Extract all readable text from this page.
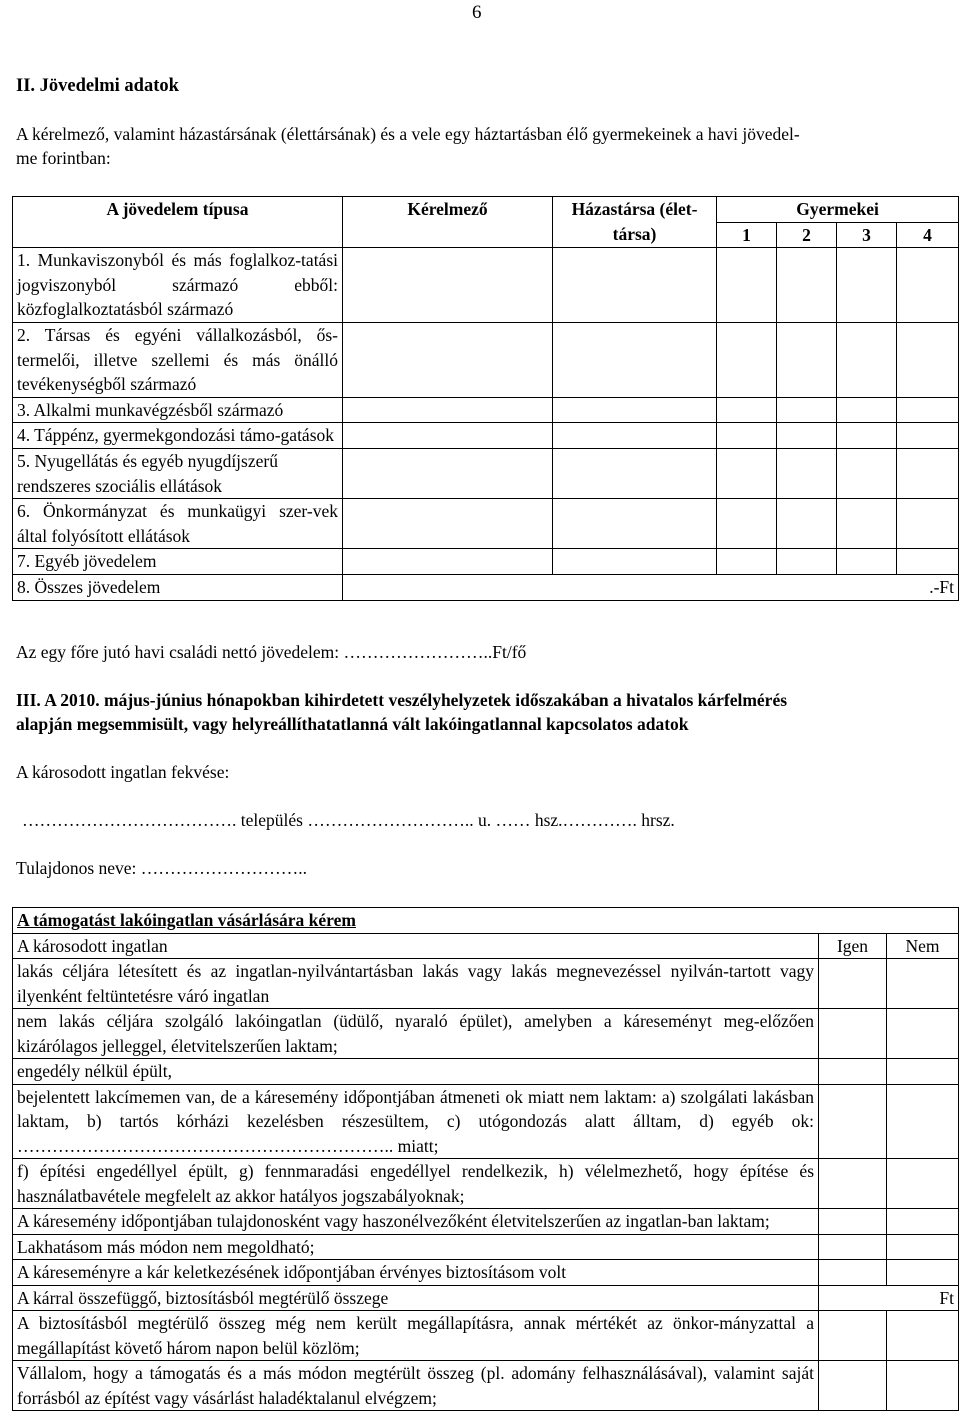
6
II. Jövedelmi adatok
A kérelmező, valamint házastársának (élettársának) és a vele egy háztartásban élő gyermekeinek a havi jövedel-
me forintban:
A jövedelem típusa	Kérelmező	Házastársa (élet-társa)	Gyermekei			
			1	2	3	4
1. Munkaviszonyból és más foglalkoz-tatási jogviszonyból származó ebből: közfoglalkoztatásból származó						
2. Társas és egyéni vállalkozásból, ős-termelői, illetve szellemi és más önálló tevékenységből származó						
3. Alkalmi munkavégzésből származó						
4. Táppénz, gyermekgondozási támo-gatások						
5. Nyugellátás és egyéb nyugdíjszerű rendszeres szociális ellátások						
6. Önkormányzat és munkaügyi szer-vek által folyósított ellátások						
7. Egyéb jövedelem						
8. Összes jövedelem	.-Ft					
Az egy főre jutó havi családi nettó jövedelem: ……………………..Ft/fő
III. A 2010. május-június hónapokban kihirdetett veszélyhelyzetek időszakában a hivatalos kárfelmérés
alapján megsemmisült, vagy helyreállíthatatlanná vált lakóingatlannal kapcsolatos adatok
A károsodott ingatlan fekvése:
………………………………. település ……………………….. u. …… hsz.…………. hrsz.
Tulajdonos neve: ………………………..
A támogatást lakóingatlan vásárlására kérem		
A károsodott ingatlan	Igen	Nem
lakás céljára létesített és az ingatlan-nyilvántartásban lakás vagy lakás megnevezéssel nyilván-tartott vagy ilyenként feltüntetésre váró ingatlan		
nem lakás céljára szolgáló lakóingatlan (üdülő, nyaraló épület), amelyben a káreseményt meg-előzően kizárólagos jelleggel, életvitelszerűen laktam;		
engedély nélkül épült,		
bejelentett lakcímemen van, de a káresemény időpontjában átmeneti ok miatt nem laktam: a) szolgálati lakásban laktam, b) tartós kórházi kezelésben részesültem, c) utógondozás alatt álltam, d) egyéb ok: ……………………………………………………….. miatt;		
f) építési engedéllyel épült, g) fennmaradási engedéllyel rendelkezik, h) vélelmezhető, hogy építése és használatbavétele megfelelt az akkor hatályos jogszabályoknak;		
A káresemény időpontjában tulajdonosként vagy haszonélvezőként életvitelszerűen az ingatlan-ban laktam;		
Lakhatásom más módon nem megoldható;		
A káreseményre a kár keletkezésének időpontjában érvényes biztosításom volt		
A kárral összefüggő, biztosításból megtérülő összege	Ft	
A biztosításból megtérülő összeg még nem került megállapításra, annak mértékét az önkor-mányzattal a megállapítást követő három napon belül közlöm;		
Vállalom, hogy a támogatás és a más módon megtérült összeg (pl. adomány felhasználásával), valamint saját forrásból az építést vagy vásárlást haladéktalanul elvégzem;		
